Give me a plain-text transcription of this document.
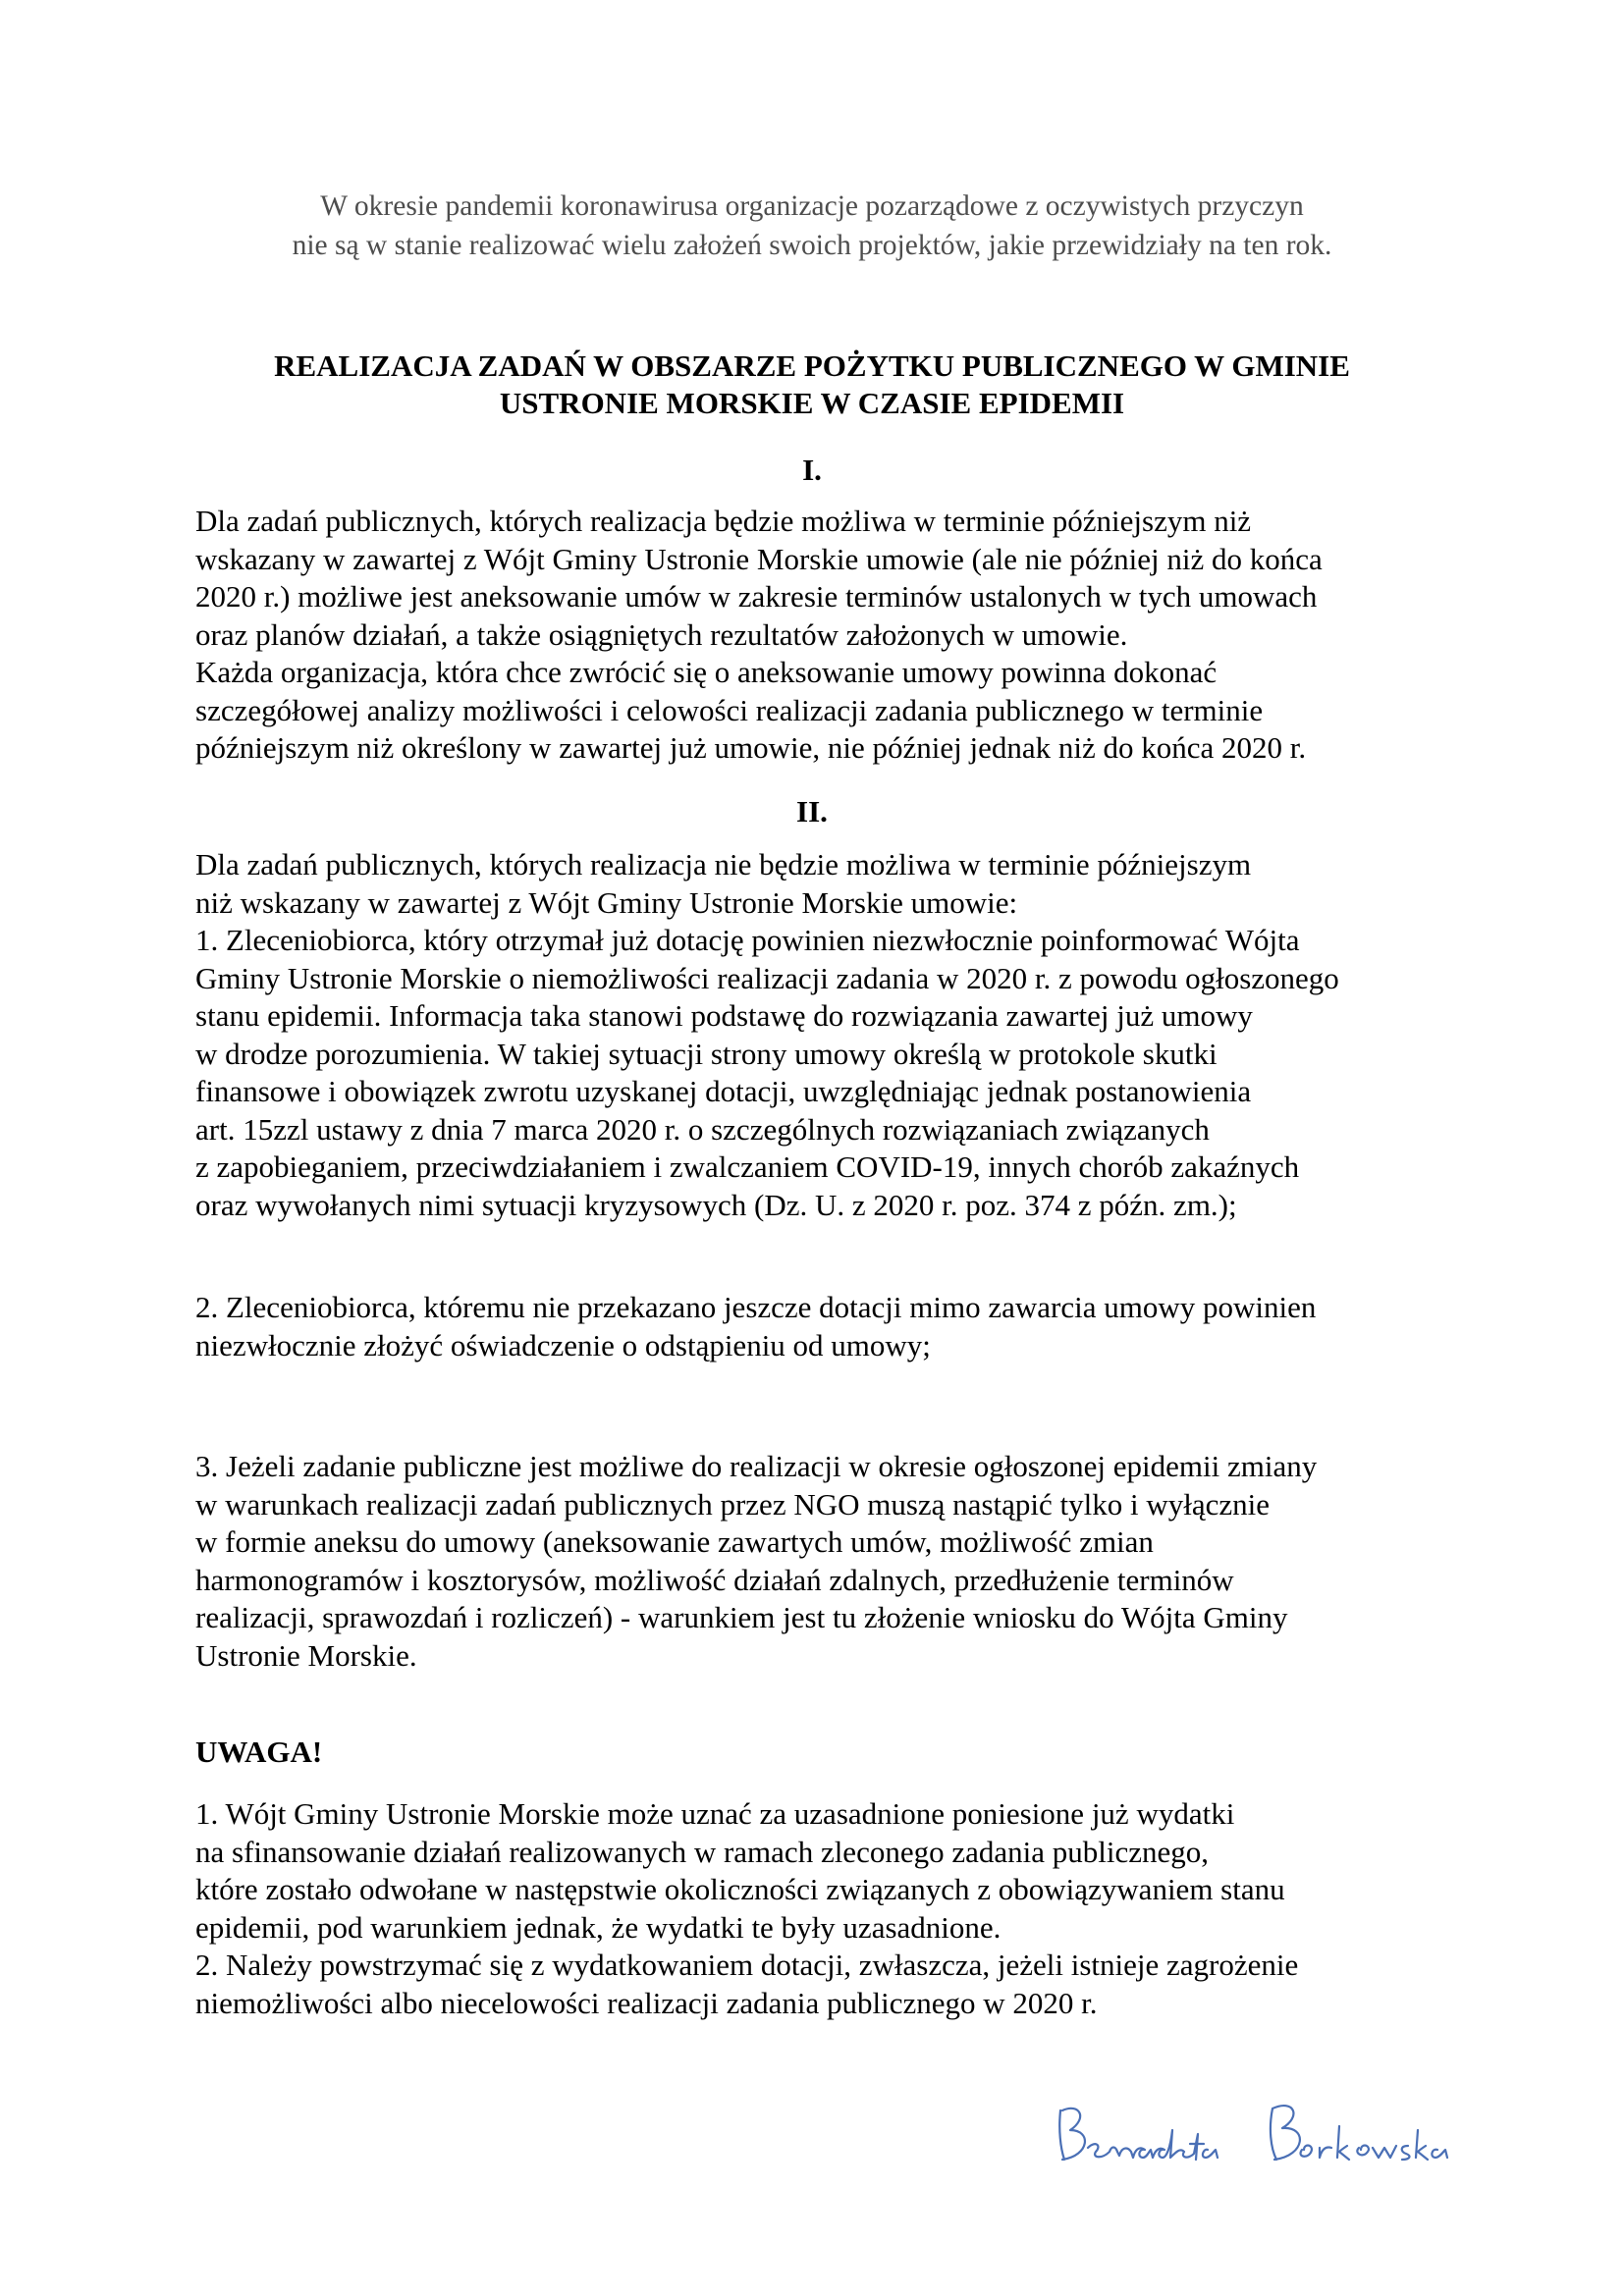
W okresie pandemii koronawirusa organizacje pozarządowe z oczywistych przyczyn
nie są w stanie realizować wielu założeń swoich projektów, jakie przewidziały na ten rok.
REALIZACJA ZADAŃ W OBSZARZE POŻYTKU PUBLICZNEGO W GMINIE
USTRONIE MORSKIE W CZASIE EPIDEMII
I.
Dla zadań publicznych, których realizacja będzie możliwa w terminie późniejszym niż
wskazany w zawartej z Wójt Gminy Ustronie Morskie umowie (ale nie później niż do końca
2020 r.) możliwe jest aneksowanie umów w zakresie terminów ustalonych w tych umowach
oraz planów działań, a także osiągniętych rezultatów założonych w umowie.
Każda organizacja, która chce zwrócić się o aneksowanie umowy powinna dokonać
szczegółowej analizy możliwości i celowości realizacji zadania publicznego w terminie
późniejszym niż określony w zawartej już umowie, nie później jednak niż do końca 2020 r.
II.
Dla zadań publicznych, których realizacja nie będzie możliwa w terminie późniejszym
niż wskazany w zawartej z Wójt Gminy Ustronie Morskie umowie:
1. Zleceniobiorca, który otrzymał już dotację powinien niezwłocznie poinformować Wójta
Gminy Ustronie Morskie o niemożliwości realizacji zadania w 2020 r. z powodu ogłoszonego
stanu epidemii. Informacja taka stanowi podstawę do rozwiązania zawartej już umowy
w drodze porozumienia. W takiej sytuacji strony umowy określą w protokole skutki
finansowe i obowiązek zwrotu uzyskanej dotacji, uwzględniając jednak postanowienia
art. 15zzl ustawy z dnia 7 marca 2020 r. o szczególnych rozwiązaniach związanych
z zapobieganiem, przeciwdziałaniem i zwalczaniem COVID-19, innych chorób zakaźnych
oraz wywołanych nimi sytuacji kryzysowych (Dz. U. z 2020 r. poz. 374 z późn. zm.);
2. Zleceniobiorca, któremu nie przekazano jeszcze dotacji mimo zawarcia umowy powinien
niezwłocznie złożyć oświadczenie o odstąpieniu od umowy;
3. Jeżeli zadanie publiczne jest możliwe do realizacji w okresie ogłoszonej epidemii zmiany
w warunkach realizacji zadań publicznych przez NGO muszą nastąpić tylko i wyłącznie
w formie aneksu do umowy (aneksowanie zawartych umów, możliwość zmian
harmonogramów i kosztorysów, możliwość działań zdalnych, przedłużenie terminów
realizacji, sprawozdań i rozliczeń) - warunkiem jest tu złożenie wniosku do Wójta Gminy
Ustronie Morskie.
UWAGA!
1. Wójt Gminy Ustronie Morskie może uznać za uzasadnione poniesione już wydatki
na sfinansowanie działań realizowanych w ramach zleconego zadania publicznego,
które zostało odwołane w następstwie okoliczności związanych z obowiązywaniem stanu
epidemii, pod warunkiem jednak, że wydatki te były uzasadnione.
2. Należy powstrzymać się z wydatkowaniem dotacji, zwłaszcza, jeżeli istnieje zagrożenie
niemożliwości albo niecelowości realizacji zadania publicznego w 2020 r.
